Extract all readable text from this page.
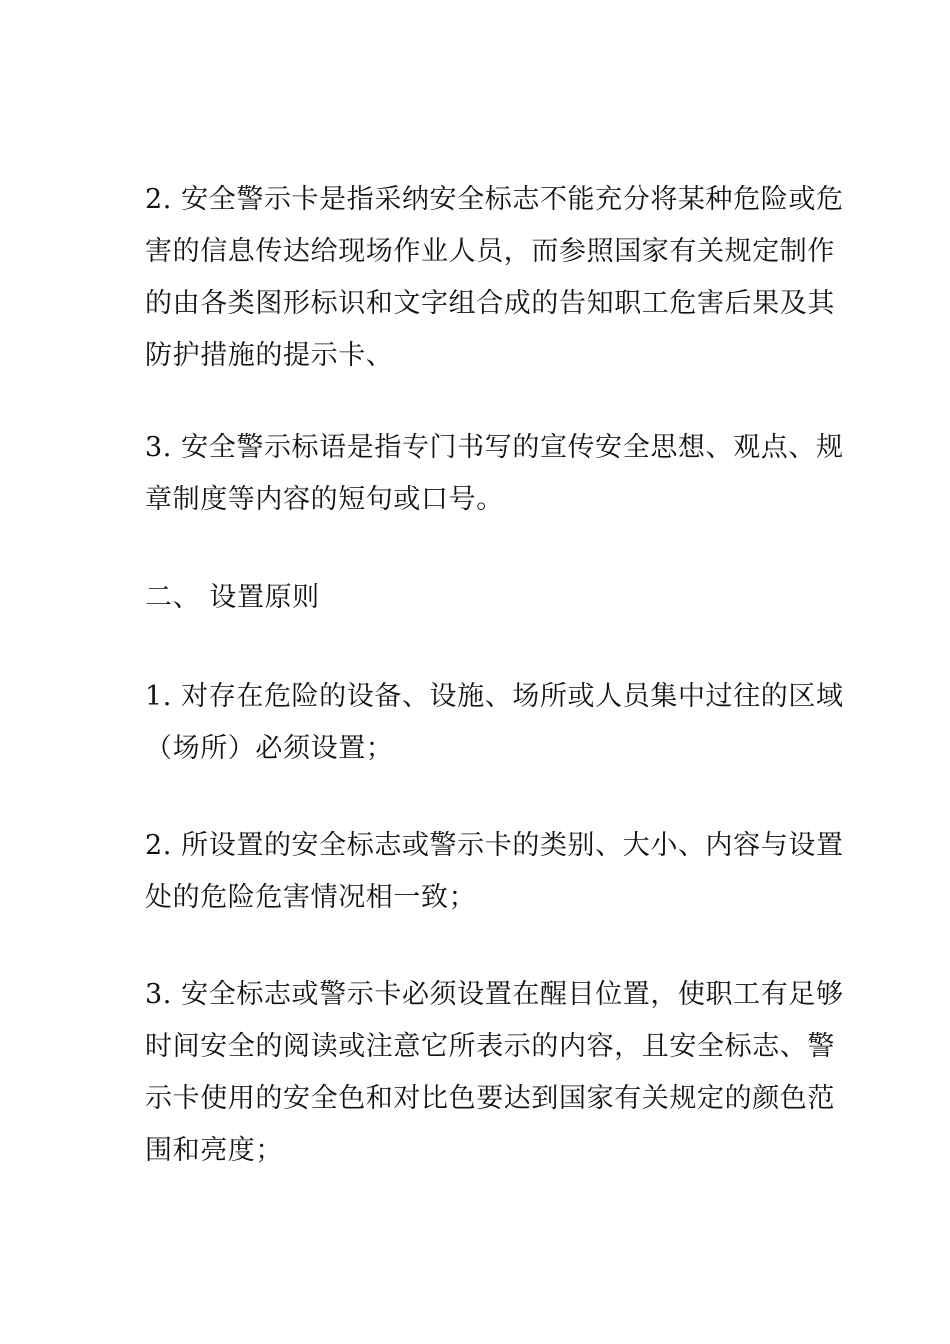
2. 安全警示卡是指采纳安全标志不能充分将某种危险或危
害的信息传达给现场作业人员，而参照国家有关规定制作
的由各类图形标识和文字组合成的告知职工危害后果及其
防护措施的提示卡、
3. 安全警示标语是指专门书写的宣传安全思想、观点、规
章制度等内容的短句或口号。
二、 设置原则
1. 对存在危险的设备、设施、场所或人员集中过往的区域
（场所）必须设置；
2. 所设置的安全标志或警示卡的类别、大小、内容与设置
处的危险危害情况相一致；
3. 安全标志或警示卡必须设置在醒目位置，使职工有足够
时间安全的阅读或注意它所表示的内容，且安全标志、警
示卡使用的安全色和对比色要达到国家有关规定的颜色范
围和亮度；
